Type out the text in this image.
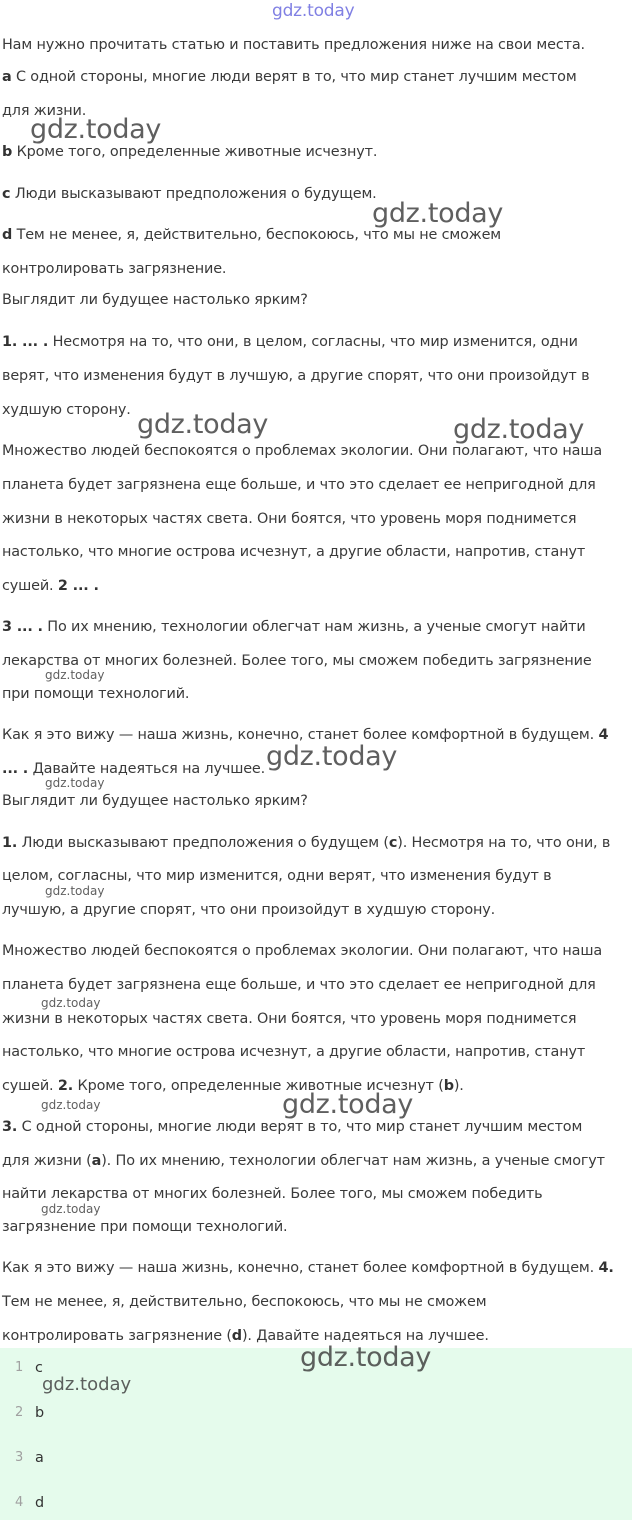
gdz.today

Нам нужно прочитать статью и поставить предложения ниже на свои места.

a С одной стороны, многие люди верят в то, что мир станет лучшим местом

для жизни.

b Кроме того, определенные животные исчезнут.

c Люди высказывают предположения о будущем.

d Тем не менее, я, действительно, беспокоюсь, что мы не сможем

контролировать загрязнение.

Выглядит ли будущее настолько ярким?

1. ... . Несмотря на то, что они, в целом, согласны, что мир изменится, одни

верят, что изменения будут в лучшую, а другие спорят, что они произойдут в

худшую сторону.

Множество людей беспокоятся о проблемах экологии. Они полагают, что наша

планета будет загрязнена еще больше, и что это сделает ее непригодной для

жизни в некоторых частях света. Они боятся, что уровень моря поднимется

настолько, что многие острова исчезнут, а другие области, напротив, станут

сушей. 2 ... .

3 ... . По их мнению, технологии облегчат нам жизнь, а ученые смогут найти

лекарства от многих болезней. Более того, мы сможем победить загрязнение

при помощи технологий.

Как я это вижу — наша жизнь, конечно, станет более комфортной в будущем. 4

... . Давайте надеяться на лучшее.

Выглядит ли будущее настолько ярким?

1. Люди высказывают предположения о будущем (c). Несмотря на то, что они, в

целом, согласны, что мир изменится, одни верят, что изменения будут в

лучшую, а другие спорят, что они произойдут в худшую сторону.

Множество людей беспокоятся о проблемах экологии. Они полагают, что наша

планета будет загрязнена еще больше, и что это сделает ее непригодной для

жизни в некоторых частях света. Они боятся, что уровень моря поднимется

настолько, что многие острова исчезнут, а другие области, напротив, станут

сушей. 2. Кроме того, определенные животные исчезнут (b).

3. С одной стороны, многие люди верят в то, что мир станет лучшим местом

для жизни (a). По их мнению, технологии облегчат нам жизнь, а ученые смогут

найти лекарства от многих болезней. Более того, мы сможем победить

загрязнение при помощи технологий.

Как я это вижу — наша жизнь, конечно, станет более комфортной в будущем. 4.

Тем не менее, я, действительно, беспокоюсь, что мы не сможем

контролировать загрязнение (d). Давайте надеяться на лучшее.

1 c
2 b
3 a
4 d
gdz.today
gdz.today
gdz.today	gdz.today
gdz.today
gdz.today
gdz.today
gdz.today
gdz.today
gdz.today	gdz.today
gdz.today
gdz.today
gdz.today
